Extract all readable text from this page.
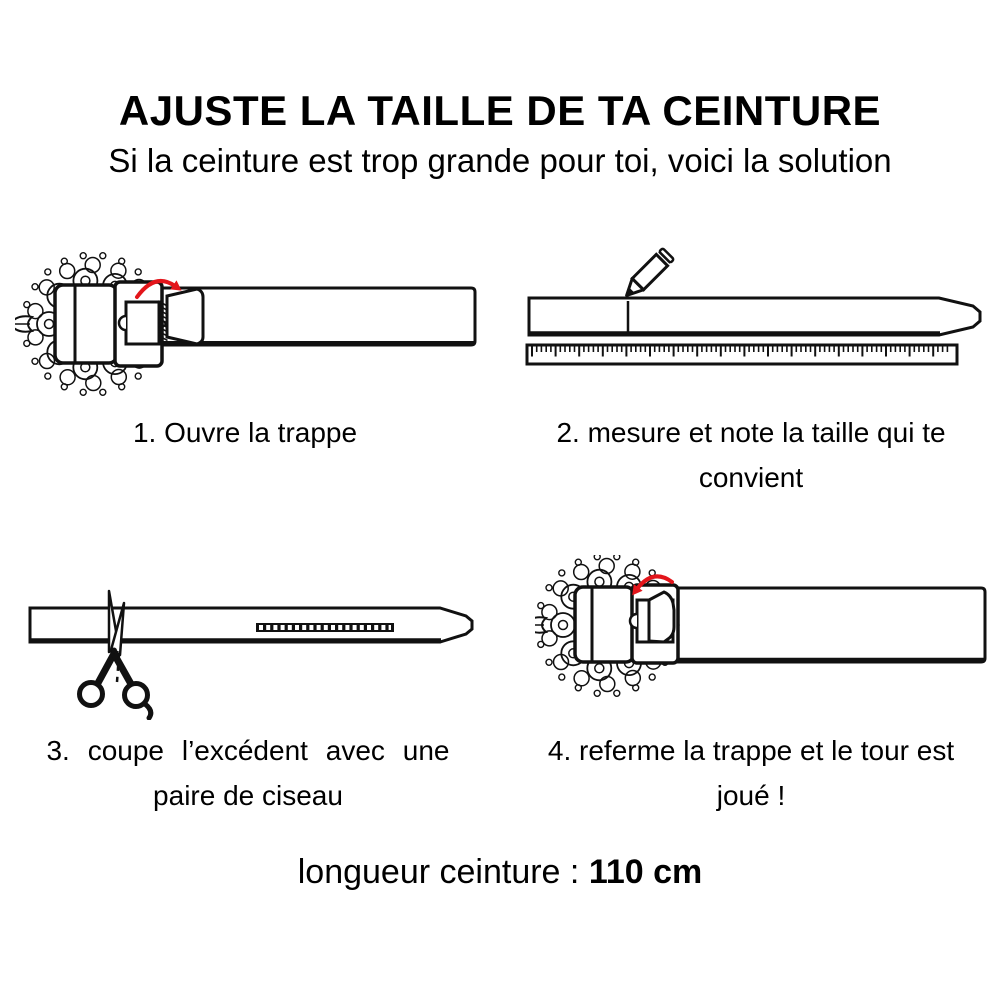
AJUSTE LA TAILLE DE TA CEINTURE
Si la ceinture est trop grande pour toi, voici la solution
1. Ouvre la trappe	2. mesure et note la taille qui te
convient
3. coupe l’excédent avec une
paire de ciseau
4. referme la trappe et le tour est
joué !
longueur ceinture : 110 cm
